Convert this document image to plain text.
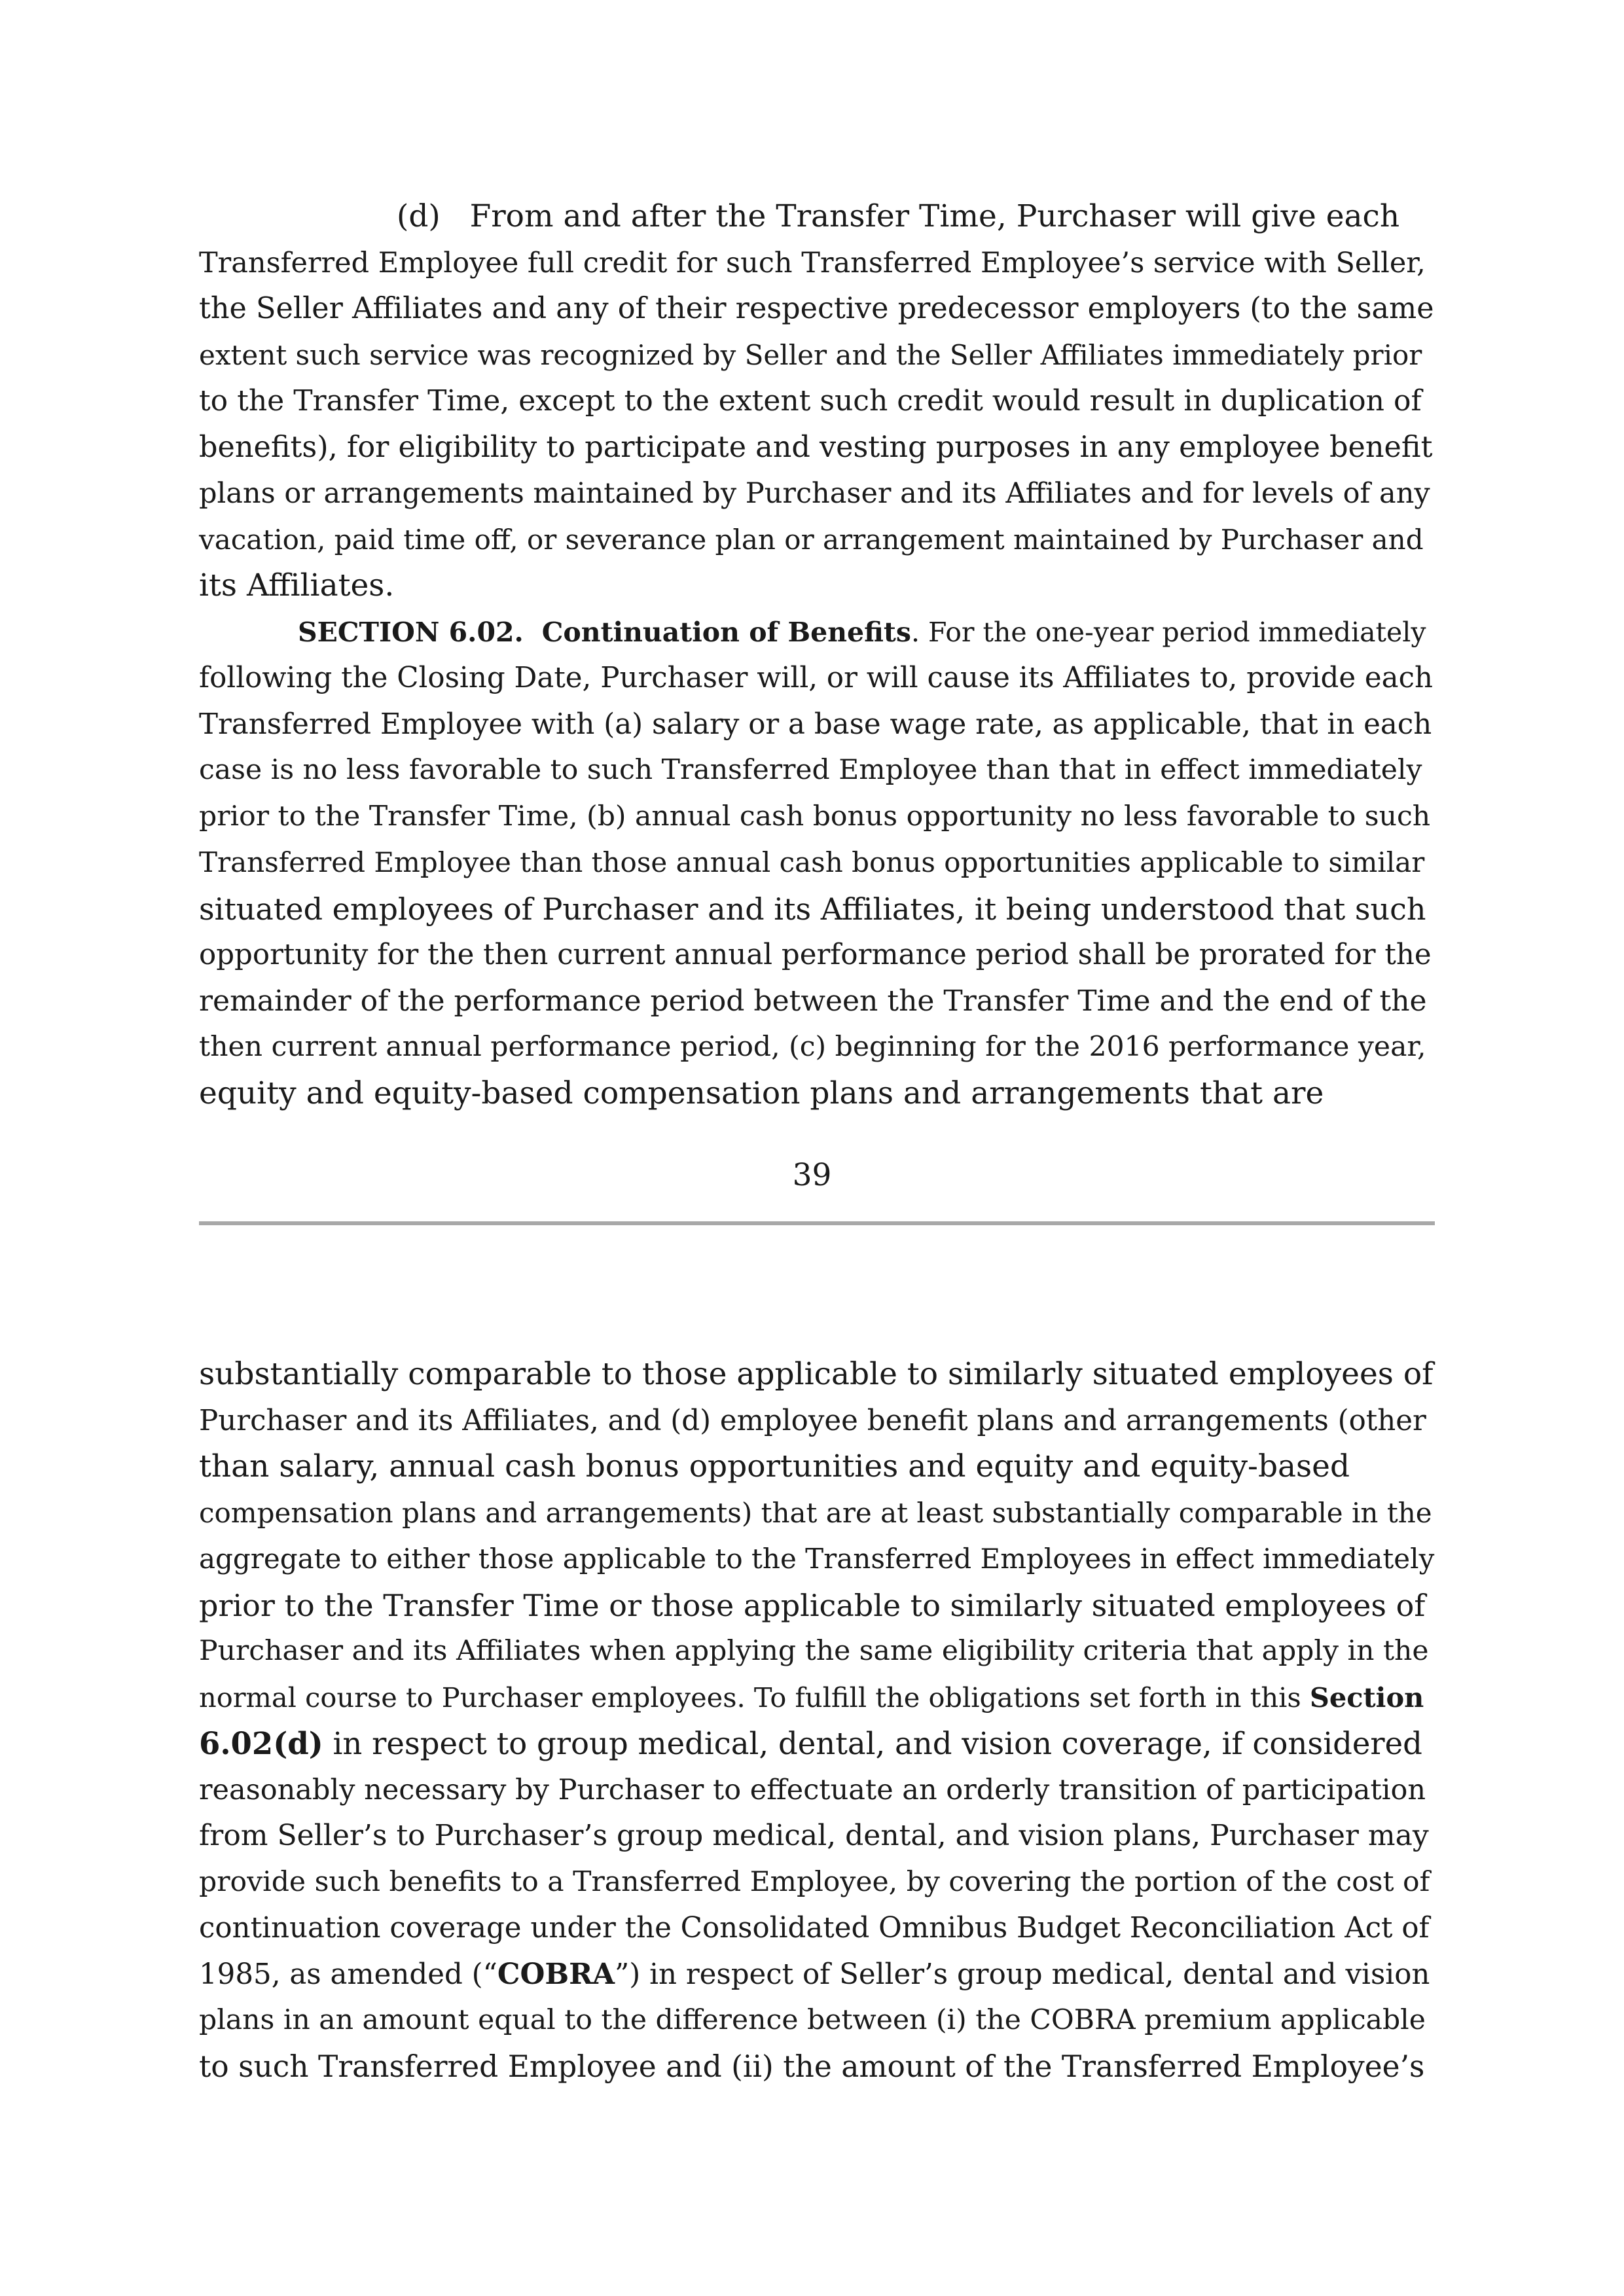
(d)   From and after the Transfer Time, Purchaser will give each
Transferred Employee full credit for such Transferred Employee’s service with Seller,
the Seller Affiliates and any of their respective predecessor employers (to the same
extent such service was recognized by Seller and the Seller Affiliates immediately prior
to the Transfer Time, except to the extent such credit would result in duplication of
benefits), for eligibility to participate and vesting purposes in any employee benefit
plans or arrangements maintained by Purchaser and its Affiliates and for levels of any
vacation, paid time off, or severance plan or arrangement maintained by Purchaser and
its Affiliates.
SECTION 6.02. Continuation of Benefits. For the one-year period immediately
following the Closing Date, Purchaser will, or will cause its Affiliates to, provide each
Transferred Employee with (a) salary or a base wage rate, as applicable, that in each
case is no less favorable to such Transferred Employee than that in effect immediately
prior to the Transfer Time, (b) annual cash bonus opportunity no less favorable to such
Transferred Employee than those annual cash bonus opportunities applicable to similar
situated employees of Purchaser and its Affiliates, it being understood that such
opportunity for the then current annual performance period shall be prorated for the
remainder of the performance period between the Transfer Time and the end of the
then current annual performance period, (c) beginning for the 2016 performance year,
equity and equity-based compensation plans and arrangements that are
39
substantially comparable to those applicable to similarly situated employees of
Purchaser and its Affiliates, and (d) employee benefit plans and arrangements (other
than salary, annual cash bonus opportunities and equity and equity-based
compensation plans and arrangements) that are at least substantially comparable in the
aggregate to either those applicable to the Transferred Employees in effect immediately
prior to the Transfer Time or those applicable to similarly situated employees of
Purchaser and its Affiliates when applying the same eligibility criteria that apply in the
normal course to Purchaser employees. To fulfill the obligations set forth in this Section
6.02(d) in respect to group medical, dental, and vision coverage, if considered
reasonably necessary by Purchaser to effectuate an orderly transition of participation
from Seller’s to Purchaser’s group medical, dental, and vision plans, Purchaser may
provide such benefits to a Transferred Employee, by covering the portion of the cost of
continuation coverage under the Consolidated Omnibus Budget Reconciliation Act of
1985, as amended (“COBRA”) in respect of Seller’s group medical, dental and vision
plans in an amount equal to the difference between (i) the COBRA premium applicable
to such Transferred Employee and (ii) the amount of the Transferred Employee’s
